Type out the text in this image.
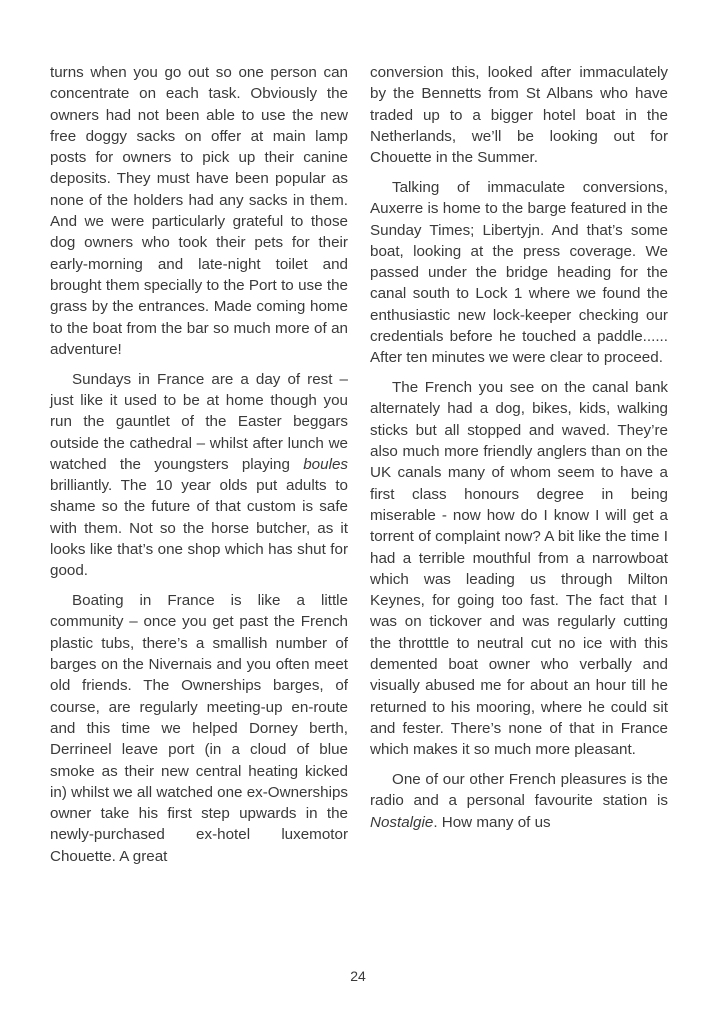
turns when you go out so one person can concentrate on each task. Obviously the owners had not been able to use the new free doggy sacks on offer at main lamp posts for owners to pick up their canine deposits. They must have been popular as none of the holders had any sacks in them. And we were particularly grateful to those dog owners who took their pets for their early-morning and late-night toilet and brought them specially to the Port to use the grass by the entrances. Made coming home to the boat from the bar so much more of an adventure!

Sundays in France are a day of rest – just like it used to be at home though you run the gauntlet of the Easter beggars outside the cathedral – whilst after lunch we watched the youngsters playing boules brilliantly. The 10 year olds put adults to shame so the future of that custom is safe with them. Not so the horse butcher, as it looks like that’s one shop which has shut for good.

Boating in France is like a little community – once you get past the French plastic tubs, there’s a smallish number of barges on the Nivernais and you often meet old friends. The Ownerships barges, of course, are regularly meeting-up en-route and this time we helped Dorney berth, Derrineel leave port (in a cloud of blue smoke as their new central heating kicked in) whilst we all watched one ex-Ownerships owner take his first step upwards in the newly-purchased ex-hotel luxemotor Chouette. A great

conversion this, looked after immaculately by the Bennetts from St Albans who have traded up to a bigger hotel boat in the Netherlands, we’ll be looking out for Chouette in the Summer.

Talking of immaculate conversions, Auxerre is home to the barge featured in the Sunday Times; Libertyjn. And that’s some boat, looking at the press coverage. We passed under the bridge heading for the canal south to Lock 1 where we found the enthusiastic new lock-keeper checking our credentials before he touched a paddle...... After ten minutes we were clear to proceed.

The French you see on the canal bank alternately had a dog, bikes, kids, walking sticks but all stopped and waved. They’re also much more friendly anglers than on the UK canals many of whom seem to have a first class honours degree in being miserable - now how do I know I will get a torrent of complaint now? A bit like the time I had a terrible mouthful from a narrowboat which was leading us through Milton Keynes, for going too fast. The fact that I was on tickover and was regularly cutting the throtttle to neutral cut no ice with this demented boat owner who verbally and visually abused me for about an hour till he returned to his mooring, where he could sit and fester. There’s none of that in France which makes it so much more pleasant.

One of our other French pleasures is the radio and a personal favourite station is Nostalgie. How many of us

24
